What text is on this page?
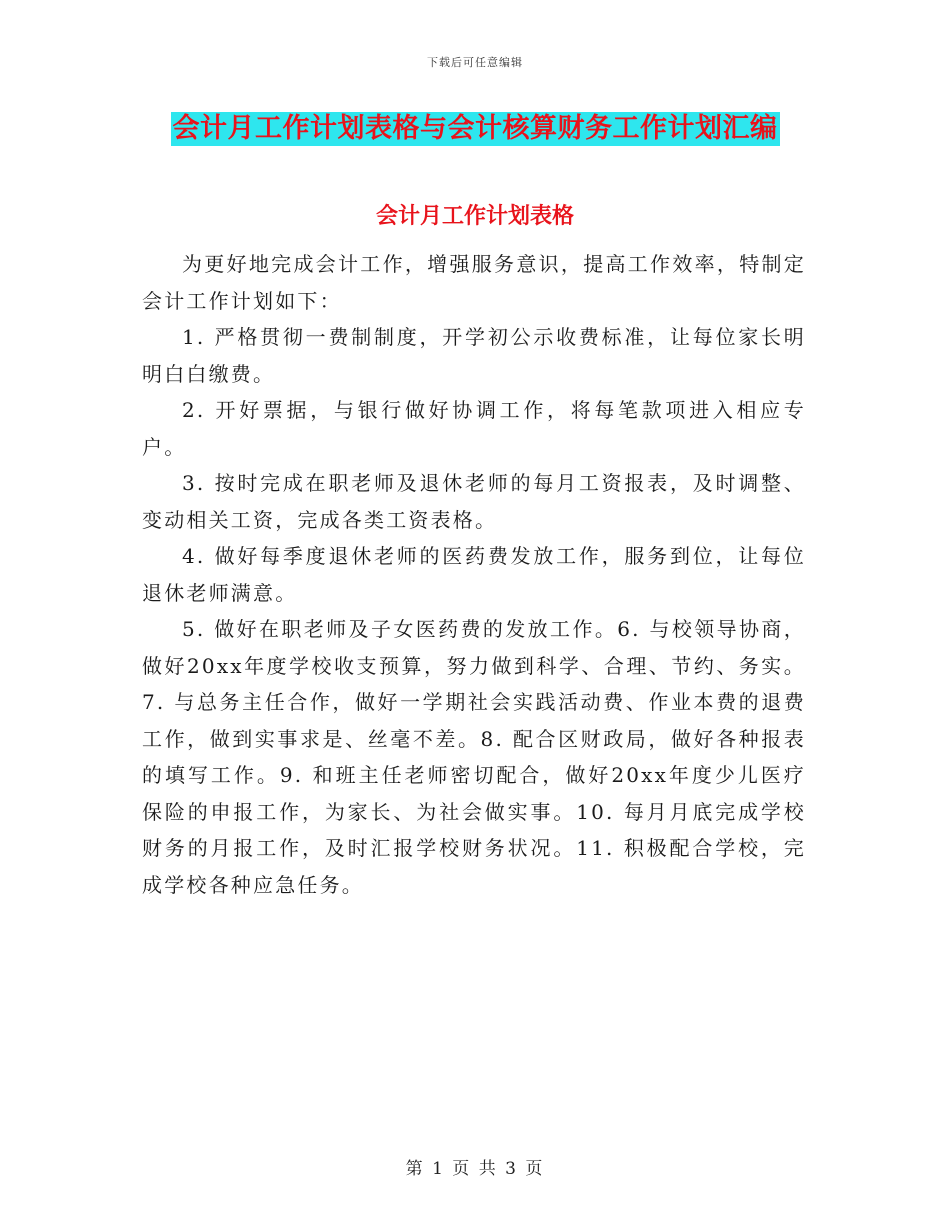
下载后可任意编辑
会计月工作计划表格与会计核算财务工作计划汇编
会计月工作计划表格

为更好地完成会计工作，增强服务意识，提高工作效率，特制定会计工作计划如下：

1. 严格贯彻一费制制度，开学初公示收费标准，让每位家长明明白白缴费。

2. 开好票据，与银行做好协调工作，将每笔款项进入相应专户。

3. 按时完成在职老师及退休老师的每月工资报表，及时调整、变动相关工资，完成各类工资表格。

4. 做好每季度退休老师的医药费发放工作，服务到位，让每位退休老师满意。

5. 做好在职老师及子女医药费的发放工作。6. 与校领导协商，做好20xx年度学校收支预算，努力做到科学、合理、节约、务实。7. 与总务主任合作，做好一学期社会实践活动费、作业本费的退费工作，做到实事求是、丝毫不差。8. 配合区财政局，做好各种报表的填写工作。9. 和班主任老师密切配合，做好20xx年度少儿医疗保险的申报工作，为家长、为社会做实事。10. 每月月底完成学校财务的月报工作，及时汇报学校财务状况。11. 积极配合学校，完成学校各种应急任务。

第 1 页 共 3 页
